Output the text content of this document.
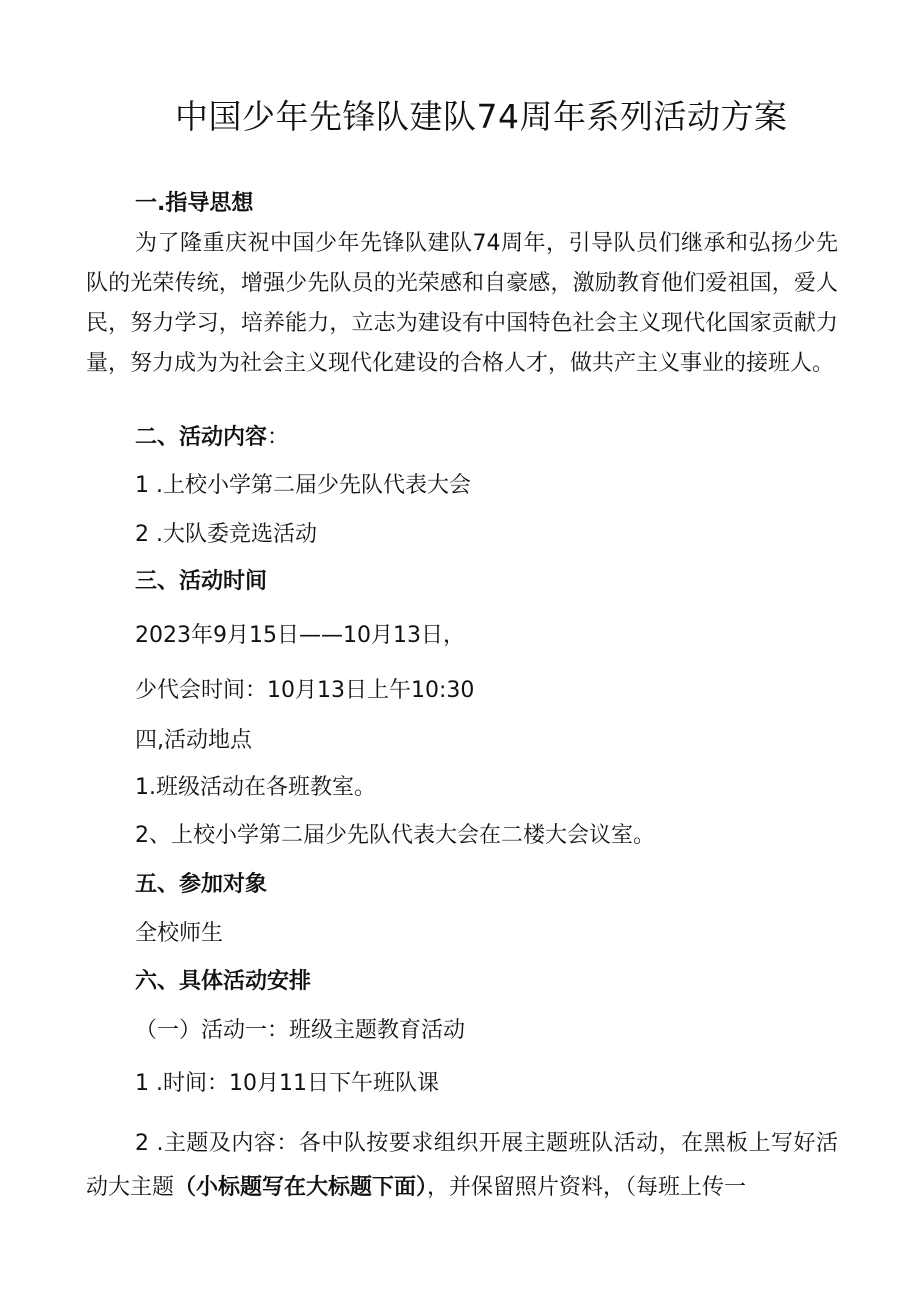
中国少年先锋队建队74周年系列活动方案
一.指导思想
为了隆重庆祝中国少年先锋队建队74周年，引导队员们继承和弘扬少先队的光荣传统，增强少先队员的光荣感和自豪感，激励教育他们爱祖国，爱人民，努力学习，培养能力，立志为建设有中国特色社会主义现代化国家贡献力量，努力成为为社会主义现代化建设的合格人才，做共产主义事业的接班人。
二、活动内容：
1 .上校小学第二届少先队代表大会
2 .大队委竞选活动
三、活动时间
2023年9月15日——10月13日，
少代会时间：10月13日上午10:30
四,活动地点
1.班级活动在各班教室。
2、上校小学第二届少先队代表大会在二楼大会议室。
五、参加对象
全校师生
六、具体活动安排
（一）活动一：班级主题教育活动
1 .时间：10月11日下午班队课
2 .主题及内容：各中队按要求组织开展主题班队活动，在黑板上写好活动大主题（小标题写在大标题下面），并保留照片资料，（每班上传一
